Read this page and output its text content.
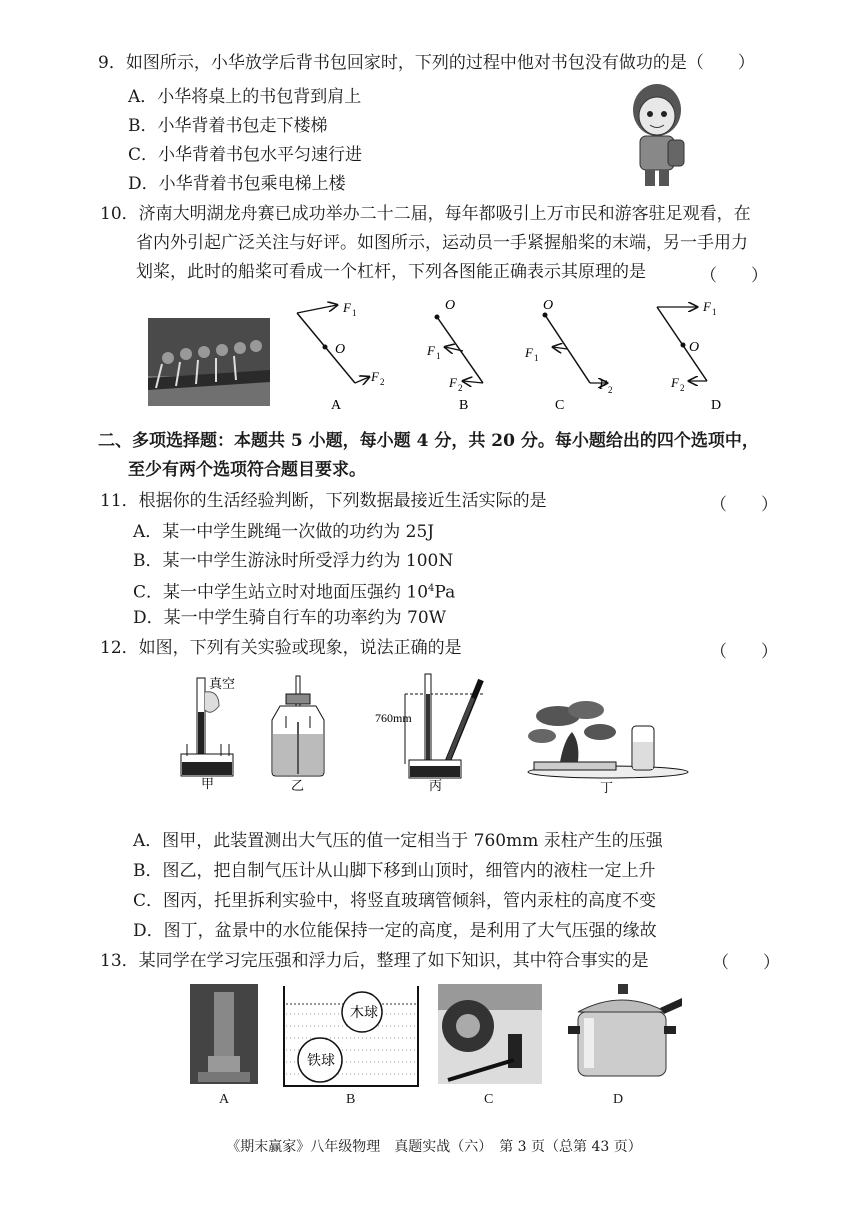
9．如图所示，小华放学后背书包回家时，下列的过程中他对书包没有做功的是（　　）
A．小华将桌上的书包背到肩上
B．小华背着书包走下楼梯
C．小华背着书包水平匀速行进
D．小华背着书包乘电梯上楼
10．济南大明湖龙舟赛已成功举办二十二届，每年都吸引上万市民和游客驻足观看，在
省内外引起广泛关注与好评。如图所示，运动员一手紧握船桨的末端，另一手用力
划桨，此时的船桨可看成一个杠杆，下列各图能正确表示其原理的是	（　　）
O
F 1
F 2
A
O
F 1
F 2
B
O
F 1
F 2
C
F 1
O
F 2
D
二、多项选择题：本题共 5 小题，每小题 4 分，共 20 分。每小题给出的四个选项中，
至少有两个选项符合题目要求。
11．根据你的生活经验判断，下列数据最接近生活实际的是	（　　）
A．某一中学生跳绳一次做的功约为 25J
B．某一中学生游泳时所受浮力约为 100N
C．某一中学生站立时对地面压强约 $10^4Pa$
D．某一中学生骑自行车的功率约为 70W
12．如图，下列有关实验或现象，说法正确的是	（　　）
真空
甲	乙
760mm
丙	丁
A．图甲，此装置测出大气压的值一定相当于 760mm 汞柱产生的压强
B．图乙，把自制气压计从山脚下移到山顶时，细管内的液柱一定上升
C．图丙，托里拆利实验中，将竖直玻璃管倾斜，管内汞柱的高度不变
D．图丁，盆景中的水位能保持一定的高度，是利用了大气压强的缘故
13．某同学在学习完压强和浮力后，整理了如下知识，其中符合事实的是	（　　）
A
木球
铁球
B	C	D
《期末赢家》八年级物理　真题实战（六）　第 3 页（总第 43 页）
